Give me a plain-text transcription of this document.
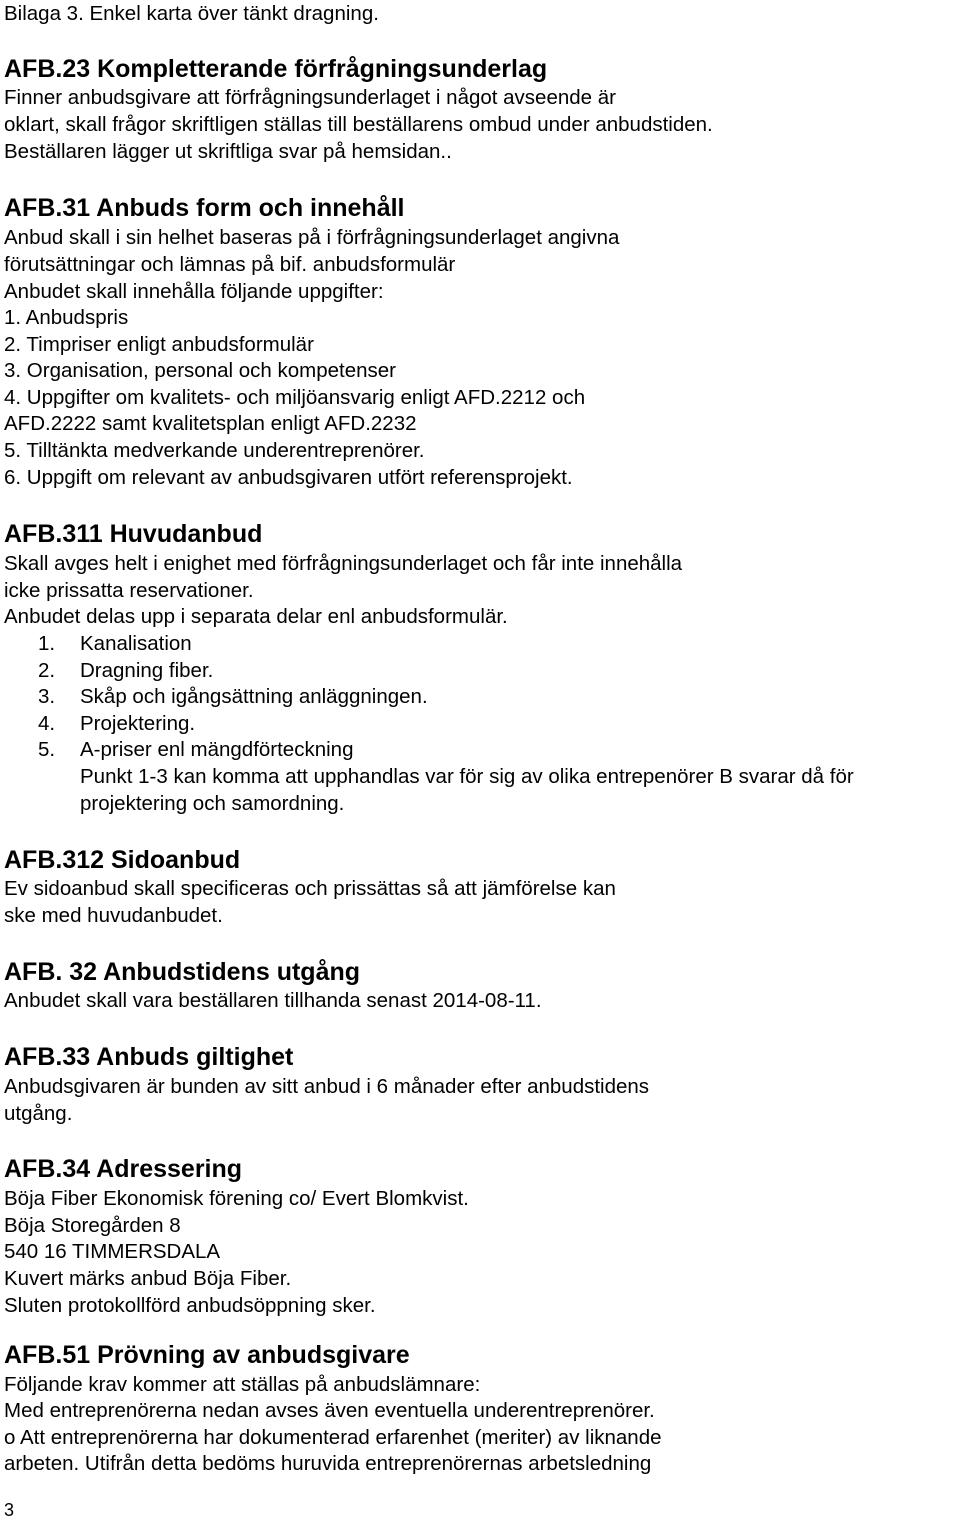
Bilaga 3. Enkel karta över tänkt dragning.

AFB.23 Kompletterande förfrågningsunderlag

Finner anbudsgivare att förfrågningsunderlaget i något avseende är

oklart, skall frågor skriftligen ställas till beställarens ombud under anbudstiden.

Beställaren lägger ut skriftliga svar på hemsidan..

AFB.31 Anbuds form och innehåll

Anbud skall i sin helhet baseras på i förfrågningsunderlaget angivna

förutsättningar och lämnas på bif. anbudsformulär

Anbudet skall innehålla följande uppgifter:

1. Anbudspris

2. Timpriser enligt anbudsformulär

3. Organisation, personal och kompetenser

4. Uppgifter om kvalitets- och miljöansvarig enligt AFD.2212 och

AFD.2222 samt kvalitetsplan enligt AFD.2232

5. Tilltänkta medverkande underentreprenörer.

6. Uppgift om relevant av anbudsgivaren utfört referensprojekt.

AFB.311 Huvudanbud

Skall avges helt i enighet med förfrågningsunderlaget och får inte innehålla

icke prissatta reservationer.

Anbudet delas upp i separata delar enl anbudsformulär.

1. Kanalisation

2. Dragning fiber.

3. Skåp och igångsättning anläggningen.

4. Projektering.

5. A-priser enl mängdförteckning

Punkt 1-3 kan komma att upphandlas var för sig av olika entrepenörer B svarar då för

projektering och samordning.

AFB.312 Sidoanbud

Ev sidoanbud skall specificeras och prissättas så att jämförelse kan

ske med huvudanbudet.

AFB. 32 Anbudstidens utgång

Anbudet skall vara beställaren tillhanda senast 2014-08-11.

AFB.33 Anbuds giltighet

Anbudsgivaren är bunden av sitt anbud i 6 månader efter anbudstidens

utgång.

AFB.34 Adressering

Böja Fiber Ekonomisk förening co/ Evert Blomkvist.

Böja Storegården 8

540 16 TIMMERSDALA

Kuvert märks anbud Böja Fiber.

Sluten protokollförd anbudsöppning sker.

AFB.51 Prövning av anbudsgivare

Följande krav kommer att ställas på anbudslämnare:

Med entreprenörerna nedan avses även eventuella underentreprenörer.

o Att entreprenörerna har dokumenterad erfarenhet (meriter) av liknande

arbeten. Utifrån detta bedöms huruvida entreprenörernas arbetsledning

3
